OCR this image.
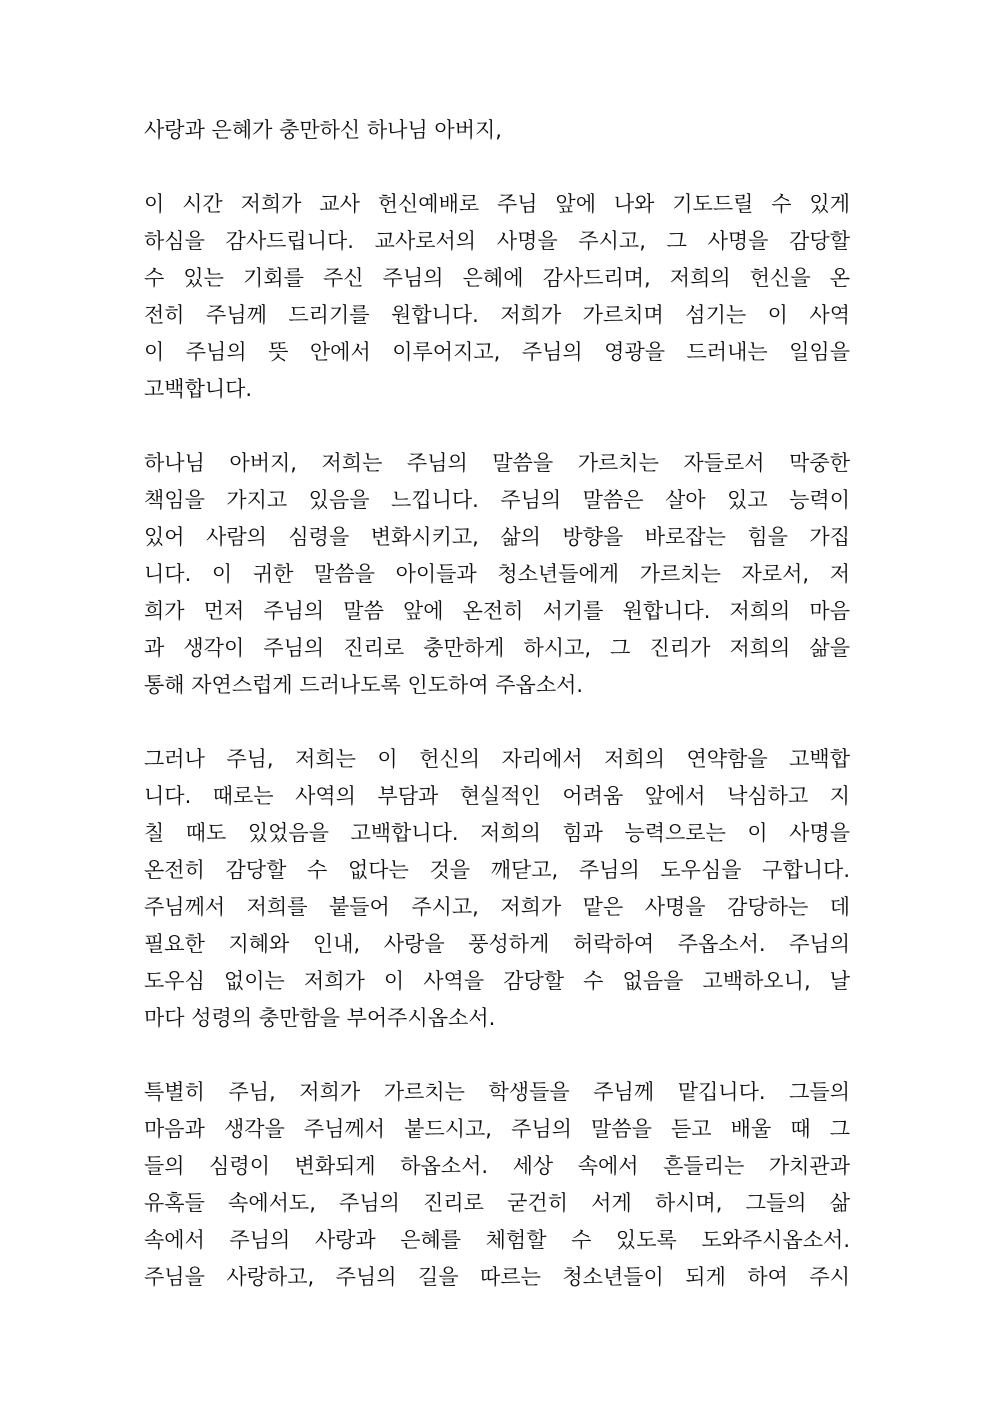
사랑과 은혜가 충만하신 하나님 아버지,
이 시간 저희가 교사 헌신예배로 주님 앞에 나와 기도드릴 수 있게
하심을 감사드립니다. 교사로서의 사명을 주시고, 그 사명을 감당할
수 있는 기회를 주신 주님의 은혜에 감사드리며, 저희의 헌신을 온
전히 주님께 드리기를 원합니다. 저희가 가르치며 섬기는 이 사역
이 주님의 뜻 안에서 이루어지고, 주님의 영광을 드러내는 일임을
고백합니다.
하나님 아버지, 저희는 주님의 말씀을 가르치는 자들로서 막중한
책임을 가지고 있음을 느낍니다. 주님의 말씀은 살아 있고 능력이
있어 사람의 심령을 변화시키고, 삶의 방향을 바로잡는 힘을 가집
니다. 이 귀한 말씀을 아이들과 청소년들에게 가르치는 자로서, 저
희가 먼저 주님의 말씀 앞에 온전히 서기를 원합니다. 저희의 마음
과 생각이 주님의 진리로 충만하게 하시고, 그 진리가 저희의 삶을
통해 자연스럽게 드러나도록 인도하여 주옵소서.
그러나 주님, 저희는 이 헌신의 자리에서 저희의 연약함을 고백합
니다. 때로는 사역의 부담과 현실적인 어려움 앞에서 낙심하고 지
칠 때도 있었음을 고백합니다. 저희의 힘과 능력으로는 이 사명을
온전히 감당할 수 없다는 것을 깨닫고, 주님의 도우심을 구합니다.
주님께서 저희를 붙들어 주시고, 저희가 맡은 사명을 감당하는 데
필요한 지혜와 인내, 사랑을 풍성하게 허락하여 주옵소서. 주님의
도우심 없이는 저희가 이 사역을 감당할 수 없음을 고백하오니, 날
마다 성령의 충만함을 부어주시옵소서.
특별히 주님, 저희가 가르치는 학생들을 주님께 맡깁니다. 그들의
마음과 생각을 주님께서 붙드시고, 주님의 말씀을 듣고 배울 때 그
들의 심령이 변화되게 하옵소서. 세상 속에서 흔들리는 가치관과
유혹들 속에서도, 주님의 진리로 굳건히 서게 하시며, 그들의 삶
속에서 주님의 사랑과 은혜를 체험할 수 있도록 도와주시옵소서.
주님을 사랑하고, 주님의 길을 따르는 청소년들이 되게 하여 주시
